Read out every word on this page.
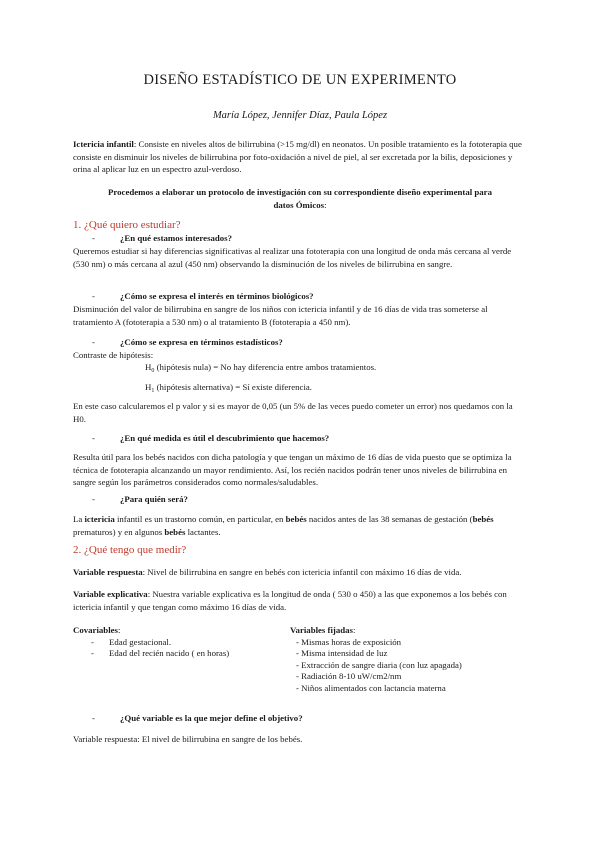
DISEÑO ESTADÍSTICO DE UN EXPERIMENTO
María López, Jennifer Díaz, Paula López
Ictericia infantil: Consiste en niveles altos de bilirrubina (>15 mg/dl) en neonatos. Un posible tratamiento es la fototerapia que consiste en disminuir los niveles de bilirrubina por foto-oxidación a nivel de piel, al ser excretada por la bilis, deposiciones y orina al aplicar luz en un espectro azul-verdoso.
Procedemos a elaborar un protocolo de investigación con su correspondiente diseño experimental para datos Ómicos:
1. ¿Qué quiero estudiar?
-	¿En qué estamos interesados?
Queremos estudiar si hay diferencias significativas al realizar una fototerapia con una longitud de onda más cercana al verde (530 nm) o más cercana al azul (450 nm) observando la disminución de los niveles de bilirrubina en sangre.
-	¿Cómo se expresa el interés en términos biológicos?
Disminución del valor de bilirrubina en sangre de los niños con ictericia infantil y de 16 días de vida tras someterse al tratamiento A (fototerapia a 530 nm) o al tratamiento B (fototerapia a 450 nm).
-	¿Cómo se expresa en términos estadísticos?
Contraste de hipótesis:
$H_0$ (hipótesis nula) = No hay diferencia entre ambos tratamientos.
$H_1$ (hipótesis alternativa) = Sí existe diferencia.
En este caso calcularemos el p valor y si es mayor de 0,05 (un 5% de las veces puedo cometer un error) nos quedamos con la H0.
-	¿En qué medida es útil el descubrimiento que hacemos?
Resulta útil para los bebés nacidos con dicha patología y que tengan un máximo de 16 días de vida puesto que se optimiza la técnica de fototerapia alcanzando un mayor rendimiento. Así, los recién nacidos podrán tener unos niveles de bilirrubina en sangre según los parámetros considerados como normales/saludables.
-	¿Para quién será?
La ictericia infantil es un trastorno común, en particular, en bebés nacidos antes de las 38 semanas de gestación (bebés prematuros) y en algunos bebés lactantes.
2. ¿Qué tengo que medir?
Variable respuesta: Nivel de bilirrubina en sangre en bebés con ictericia infantil con máximo 16 días de vida.
Variable explicativa: Nuestra variable explicativa es la longitud de onda ( 530 o 450) a las que exponemos a los bebés con ictericia infantil y que tengan como máximo 16 días de vida.
Covariables:
- Edad gestacional.
- Edad del recién nacido ( en horas)
Variables fijadas:
- Mismas horas de exposición
- Misma intensidad de luz
- Extracción de sangre diaria (con luz apagada)
- Radiación 8-10 uW/cm2/nm
- Niños alimentados con lactancia materna
-	¿Qué variable es la que mejor define el objetivo?
Variable respuesta: El nivel de bilirrubina en sangre de los bebés.
